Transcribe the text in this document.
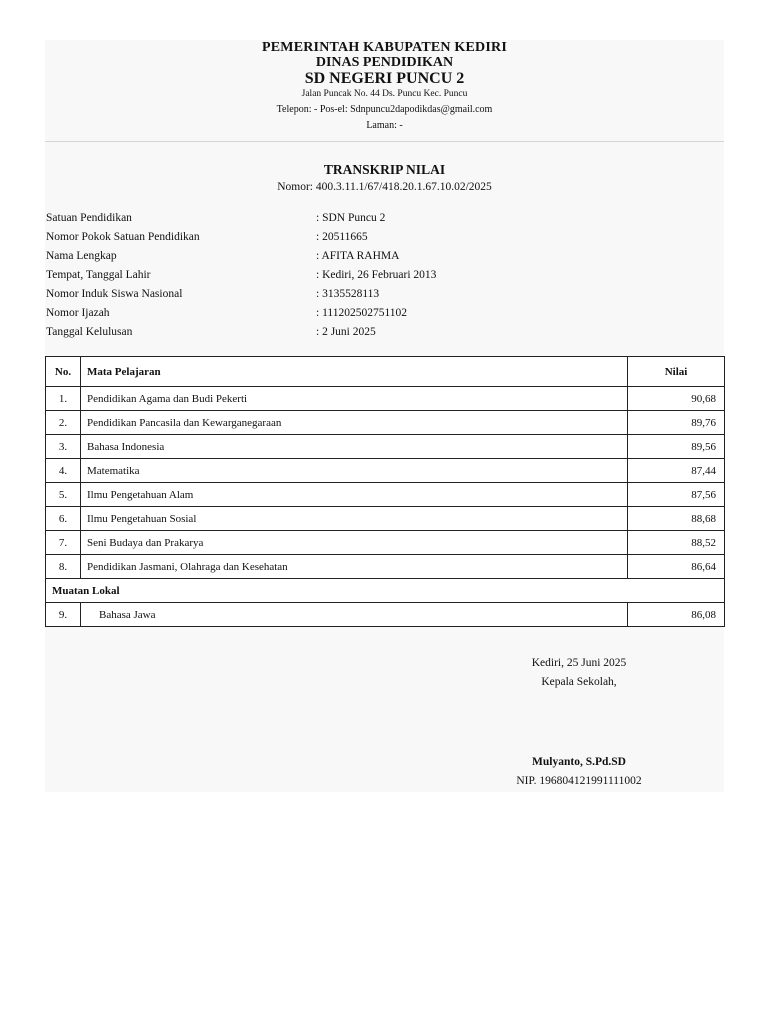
PEMERINTAH KABUPATEN KEDIRI
DINAS PENDIDIKAN
SD NEGERI PUNCU 2
Jalan Puncak No. 44 Ds. Puncu Kec. Puncu
Telepon: - Pos-el: Sdnpuncu2dapodikdas@gmail.com
Laman: -
TRANSKRIP NILAI
Nomor: 400.3.11.1/67/418.20.1.67.10.02/2025
Satuan Pendidikan	: SDN Puncu 2
Nomor Pokok Satuan Pendidikan	: 20511665
Nama Lengkap	: AFITA RAHMA
Tempat, Tanggal Lahir	: Kediri, 26 Februari 2013
Nomor Induk Siswa Nasional	: 3135528113
Nomor Ijazah	: 111202502751102
Tanggal Kelulusan	: 2 Juni 2025
No.	Mata Pelajaran	Nilai
1.	Pendidikan Agama dan Budi Pekerti	90,68
2.	Pendidikan Pancasila dan Kewarganegaraan	89,76
3.	Bahasa Indonesia	89,56
4.	Matematika	87,44
5.	Ilmu Pengetahuan Alam	87,56
6.	Ilmu Pengetahuan Sosial	88,68
7.	Seni Budaya dan Prakarya	88,52
8.	Pendidikan Jasmani, Olahraga dan Kesehatan	86,64
Muatan Lokal		
9.	Bahasa Jawa	86,08
Kediri, 25 Juni 2025
Kepala Sekolah,
Mulyanto, S.Pd.SD
NIP. 196804121991111002
